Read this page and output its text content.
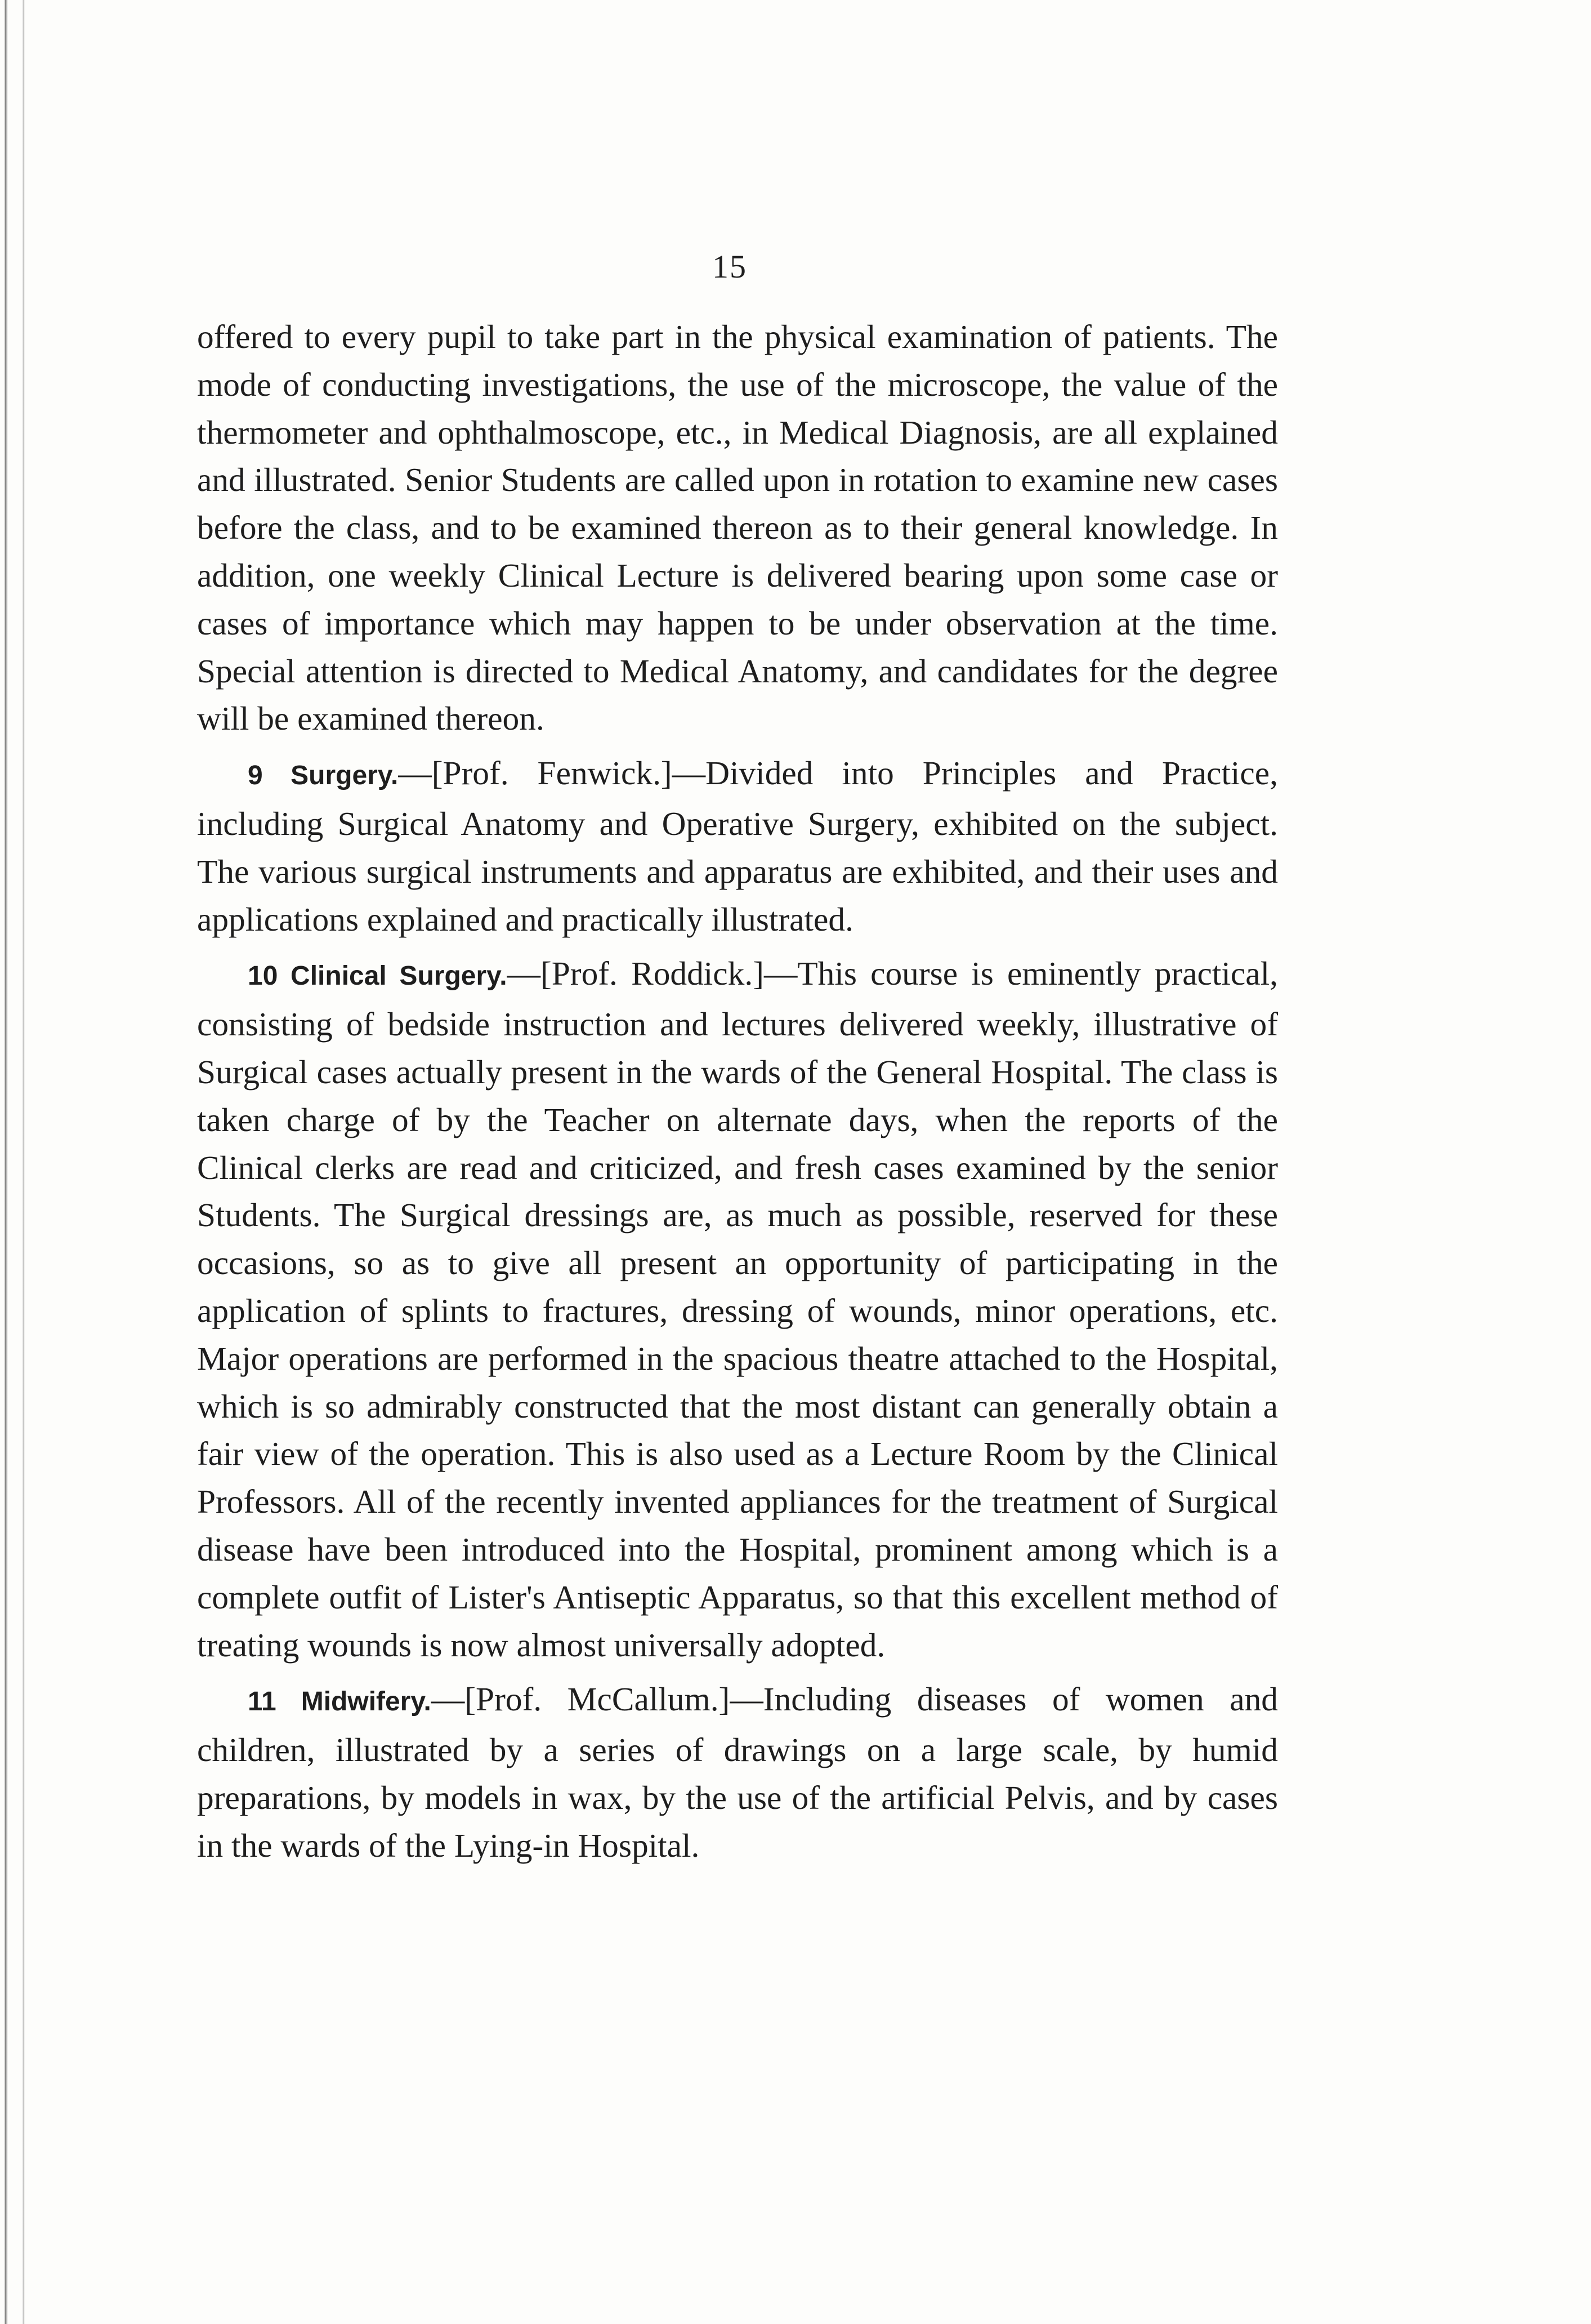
15

offered to every pupil to take part in the physical examination of patients. The mode of conducting investigations, the use of the microscope, the value of the thermometer and ophthalmoscope, etc., in Medical Diagnosis, are all explained and illustrated. Senior Students are called upon in rotation to examine new cases before the class, and to be examined thereon as to their general knowledge. In addition, one weekly Clinical Lecture is delivered bearing upon some case or cases of importance which may happen to be under observation at the time. Special attention is directed to Medical Anatomy, and candidates for the degree will be examined thereon.

9 Surgery.—[Prof. Fenwick.]—Divided into Principles and Practice, including Surgical Anatomy and Operative Surgery, exhibited on the subject. The various surgical instruments and apparatus are exhibited, and their uses and applications explained and practically illustrated.

10 Clinical Surgery.—[Prof. Roddick.]—This course is eminently practical, consisting of bedside instruction and lectures delivered weekly, illustrative of Surgical cases actually present in the wards of the General Hospital. The class is taken charge of by the Teacher on alternate days, when the reports of the Clinical clerks are read and criticized, and fresh cases examined by the senior Students. The Surgical dressings are, as much as possible, reserved for these occasions, so as to give all present an opportunity of participating in the application of splints to fractures, dressing of wounds, minor operations, etc. Major operations are performed in the spacious theatre attached to the Hospital, which is so admirably constructed that the most distant can generally obtain a fair view of the operation. This is also used as a Lecture Room by the Clinical Professors. All of the recently invented appliances for the treatment of Surgical disease have been introduced into the Hospital, prominent among which is a complete outfit of Lister's Antiseptic Apparatus, so that this excellent method of treating wounds is now almost universally adopted.

11 Midwifery.—[Prof. McCallum.]—Including diseases of women and children, illustrated by a series of drawings on a large scale, by humid preparations, by models in wax, by the use of the artificial Pelvis, and by cases in the wards of the Lying-in Hospital.
